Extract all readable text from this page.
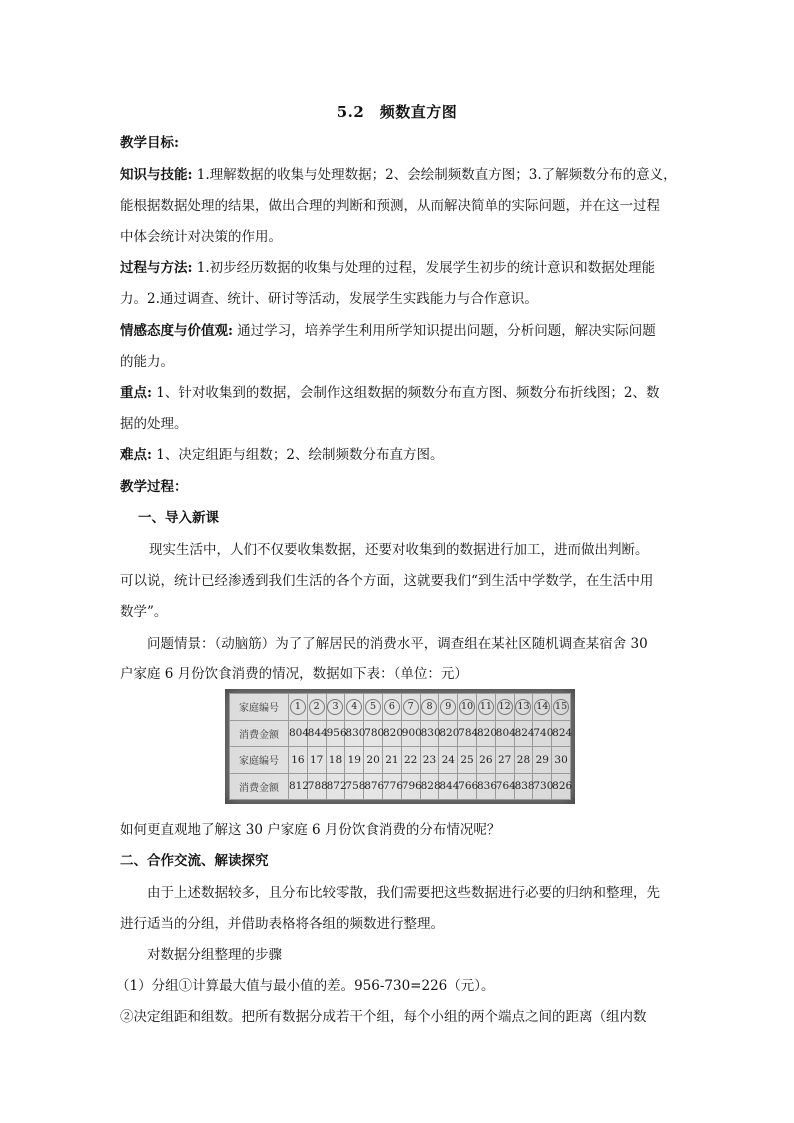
5.2　频数直方图
教学目标:
知识与技能: 1.理解数据的收集与处理数据；2、会绘制频数直方图；3.了解频数分布的意义，
能根据数据处理的结果，做出合理的判断和预测，从而解决简单的实际问题，并在这一过程
中体会统计对决策的作用。
过程与方法: 1.初步经历数据的收集与处理的过程，发展学生初步的统计意识和数据处理能
力。2.通过调查、统计、研讨等活动，发展学生实践能力与合作意识。
情感态度与价值观: 通过学习，培养学生利用所学知识提出问题，分析问题，解决实际问题
的能力。
重点: 1、针对收集到的数据，会制作这组数据的频数分布直方图、频数分布折线图；2、数
据的处理。
难点: 1、决定组距与组数；2、绘制频数分布直方图。
教学过程：
一、导入新课
现实生活中，人们不仅要收集数据，还要对收集到的数据进行加工，进而做出判断。
可以说，统计已经渗透到我们生活的各个方面，这就要我们“到生活中学数学，在生活中用
数学”。
问题情景：（动脑筋）为了了解居民的消费水平，调查组在某社区随机调查某宿舍 30
户家庭 6 月份饮食消费的情况，数据如下表：（单位：元）
家庭编号	1	2	3	4	5	6	7	8	9	10	11	12	13	14	15
消费金额	804	844	956	830	780	820	900	830	820	784	820	804	824	740	824
家庭编号	16	17	18	19	20	21	22	23	24	25	26	27	28	29	30
消费金额	812	788	872	758	876	776	796	828	844	766	836	764	838	730	826
如何更直观地了解这 30 户家庭 6 月份饮食消费的分布情况呢？
二、合作交流、解读探究
由于上述数据较多，且分布比较零散，我们需要把这些数据进行必要的归纳和整理，先
进行适当的分组，并借助表格将各组的频数进行整理。
对数据分组整理的步骤
（1）分组①计算最大值与最小值的差。956-730=226（元）。
②决定组距和组数。把所有数据分成若干个组，每个小组的两个端点之间的距离（组内数
